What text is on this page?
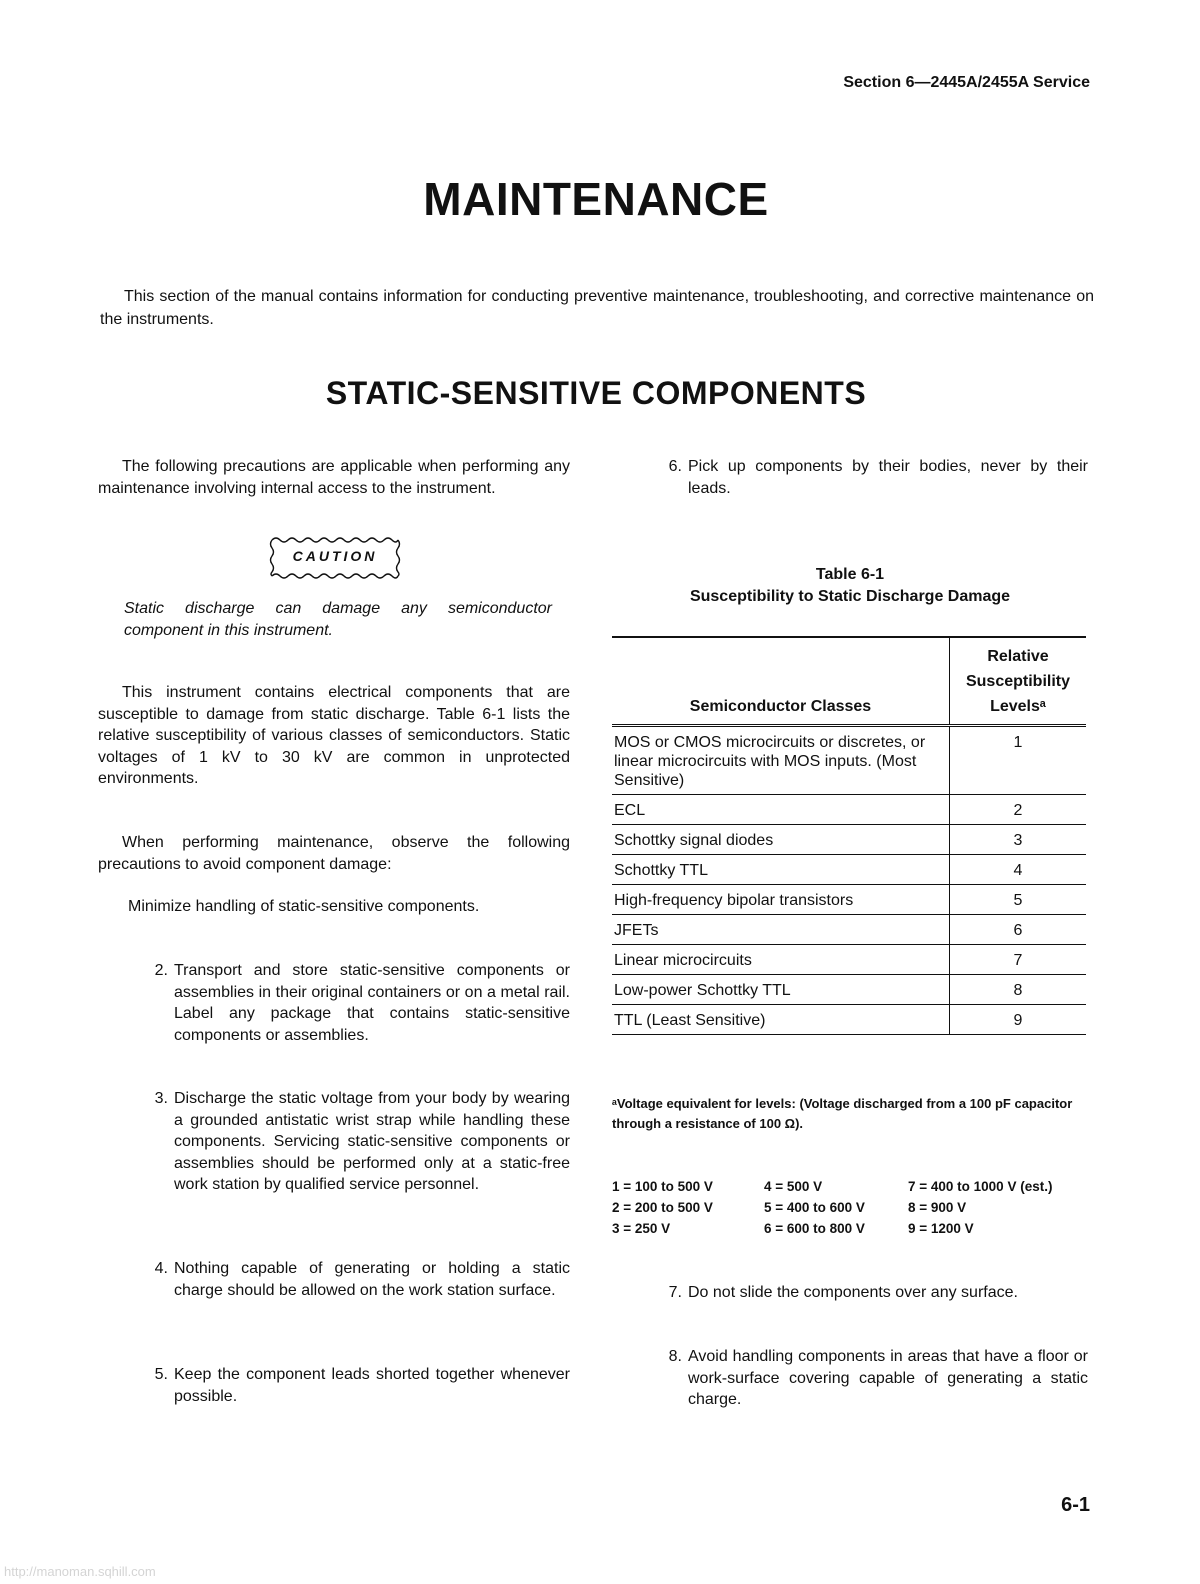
Section 6—2445A/2455A Service
MAINTENANCE

This section of the manual contains information for conducting preventive maintenance, troubleshooting, and corrective maintenance on the instruments.

STATIC-SENSITIVE COMPONENTS

The following precautions are applicable when performing any maintenance involving internal access to the instrument.

CAUTION

Static discharge can damage any semiconductor component in this instrument.

This instrument contains electrical components that are susceptible to damage from static discharge. Table 6-1 lists the relative susceptibility of various classes of semiconductors. Static voltages of 1 kV to 30 kV are common in unprotected environments.

When performing maintenance, observe the following precautions to avoid component damage:

Minimize handling of static-sensitive components.

2. Transport and store static-sensitive components or assemblies in their original containers or on a metal rail. Label any package that contains static-sensitive components or assemblies.

3. Discharge the static voltage from your body by wearing a grounded antistatic wrist strap while handling these components. Servicing static-sensitive components or assemblies should be performed only at a static-free work station by qualified service personnel.

4. Nothing capable of generating or holding a static charge should be allowed on the work station surface.

5. Keep the component leads shorted together whenever possible.

6. Pick up components by their bodies, never by their leads.

Table 6-1
Susceptibility to Static Discharge Damage
Semiconductor Classes	Relative
Susceptibility
Levelsᵃ

MOS or CMOS microcircuits or discretes, or linear microcircuits with MOS inputs. (Most Sensitive)	1
ECL	2
Schottky signal diodes	3
Schottky TTL	4
High-frequency bipolar transistors	5
JFETs	6
Linear microcircuits	7
Low-power Schottky TTL	8
TTL (Least Sensitive)	9
ᵃVoltage equivalent for levels: (Voltage discharged from a 100 pF capacitor through a resistance of 100 Ω).
1 = 100 to 500 V	4 = 500 V	7 = 400 to 1000 V (est.)
2 = 200 to 500 V	5 = 400 to 600 V	8 = 900 V
3 = 250 V	6 = 600 to 800 V	9 = 1200 V
7. Do not slide the components over any surface.

8. Avoid handling components in areas that have a floor or work-surface covering capable of generating a static charge.

6-1
http://manoman.sqhill.com
